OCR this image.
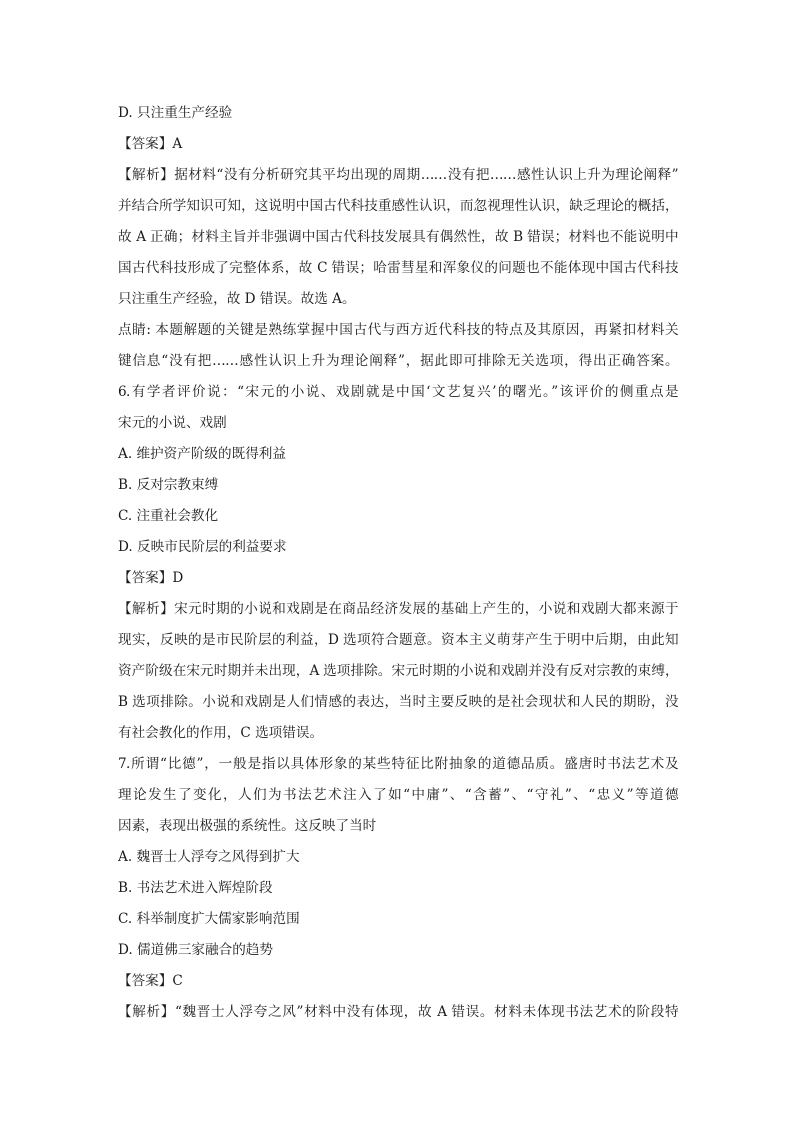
D. 只注重生产经验
【答案】A
【解析】据材料“没有分析研究其平均出现的周期……没有把……感性认识上升为理论阐释”
并结合所学知识可知，这说明中国古代科技重感性认识，而忽视理性认识，缺乏理论的概括，
故 A 正确；材料主旨并非强调中国古代科技发展具有偶然性，故 B 错误；材料也不能说明中
国古代科技形成了完整体系，故 C 错误；哈雷彗星和浑象仪的问题也不能体现中国古代科技
只注重生产经验，故 D 错误。故选 A。
点睛: 本题解题的关键是熟练掌握中国古代与西方近代科技的特点及其原因，再紧扣材料关
键信息“没有把……感性认识上升为理论阐释”，据此即可排除无关选项，得出正确答案。
6.有学者评价说：“宋元的小说、戏剧就是中国‘文艺复兴’的曙光。”该评价的侧重点是
宋元的小说、戏剧
A. 维护资产阶级的既得利益
B. 反对宗教束缚
C. 注重社会教化
D. 反映市民阶层的利益要求
【答案】D
【解析】宋元时期的小说和戏剧是在商品经济发展的基础上产生的，小说和戏剧大都来源于
现实，反映的是市民阶层的利益，D 选项符合题意。资本主义萌芽产生于明中后期，由此知
资产阶级在宋元时期并未出现，A 选项排除。宋元时期的小说和戏剧并没有反对宗教的束缚，
B 选项排除。小说和戏剧是人们情感的表达，当时主要反映的是社会现状和人民的期盼，没
有社会教化的作用，C 选项错误。
7.所谓“比德”，一般是指以具体形象的某些特征比附抽象的道德品质。盛唐时书法艺术及
理论发生了变化，人们为书法艺术注入了如“中庸”、“含蓄”、“守礼”、“忠义”等道德
因素，表现出极强的系统性。这反映了当时
A. 魏晋士人浮夸之风得到扩大
B. 书法艺术进入辉煌阶段
C. 科举制度扩大儒家影响范围
D. 儒道佛三家融合的趋势
【答案】C
【解析】“魏晋士人浮夸之风”材料中没有体现，故 A 错误。材料未体现书法艺术的阶段特
